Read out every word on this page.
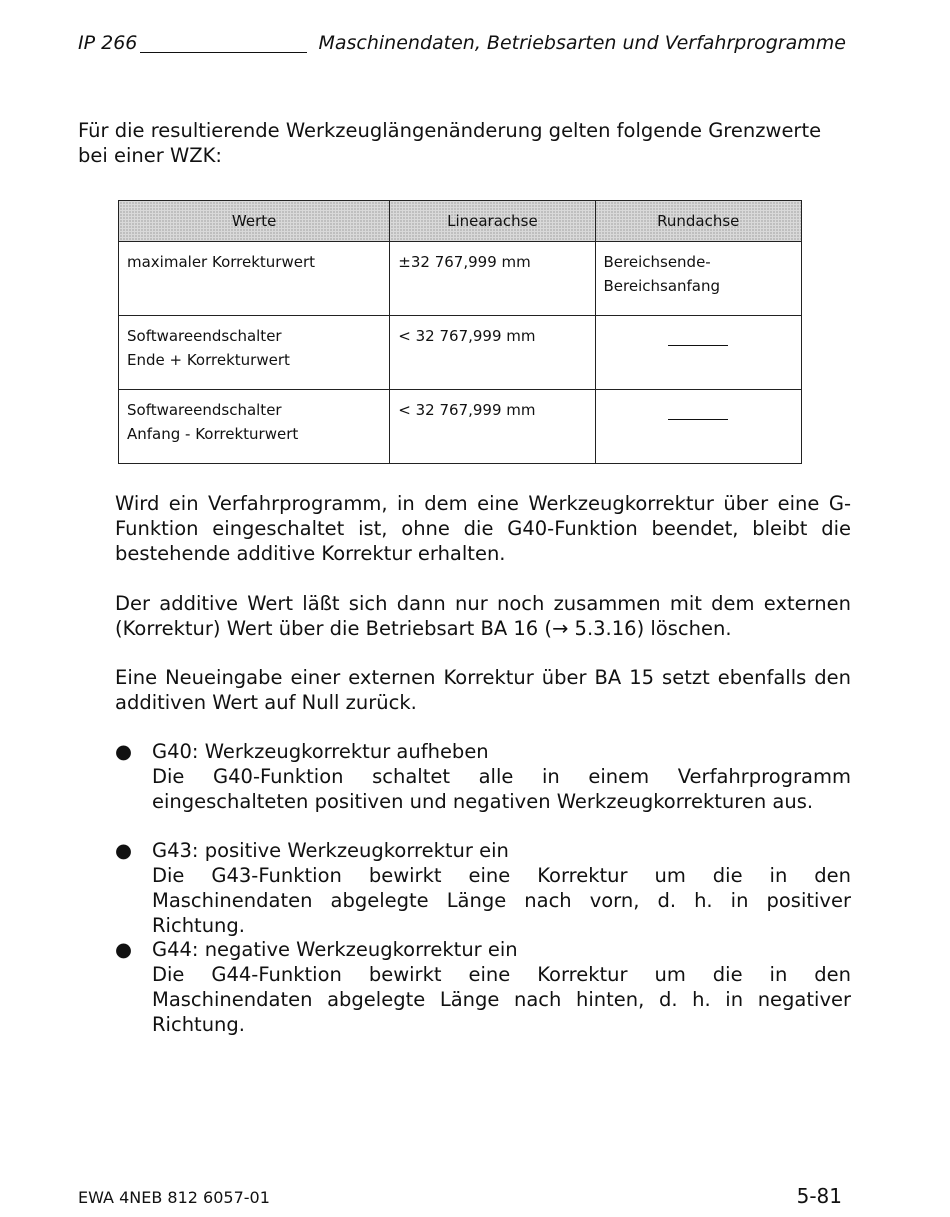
IP 266	Maschinendaten, Betriebsarten und Verfahrprogramme

Für die resultierende Werkzeuglängenänderung gelten folgende Grenzwerte bei einer WZK:

Werte	Linearachse	Rundachse
maximaler Korrekturwert	±32 767,999 mm	Bereichsende-
Bereichsanfang
Softwareendschalter
Ende + Korrekturwert	< 32 767,999 mm	

Softwareendschalter
Anfang - Korrekturwert	< 32 767,999 mm	

Wird ein Verfahrprogramm, in dem eine Werkzeugkorrektur über eine G-Funktion eingeschaltet ist, ohne die G40-Funktion beendet, bleibt die bestehende additive Korrektur erhalten.

Der additive Wert läßt sich dann nur noch zusammen mit dem externen (Korrektur) Wert über die Betriebsart BA 16 (→ 5.3.16) löschen.

Eine Neueingabe einer externen Korrektur über BA 15 setzt ebenfalls den additiven Wert auf Null zurück.

● G40: Werkzeugkorrektur aufheben
Die G40-Funktion schaltet alle in einem Verfahrprogramm eingeschalteten positiven und negativen Werkzeugkorrekturen aus.
● G43: positive Werkzeugkorrektur ein
Die G43-Funktion bewirkt eine Korrektur um die in den Maschinendaten abgelegte Länge nach vorn, d. h. in positiver Richtung.
● G44: negative Werkzeugkorrektur ein
Die G44-Funktion bewirkt eine Korrektur um die in den Maschinendaten abgelegte Länge nach hinten, d. h. in negativer Richtung.
EWA 4NEB 812 6057-01	5-81
